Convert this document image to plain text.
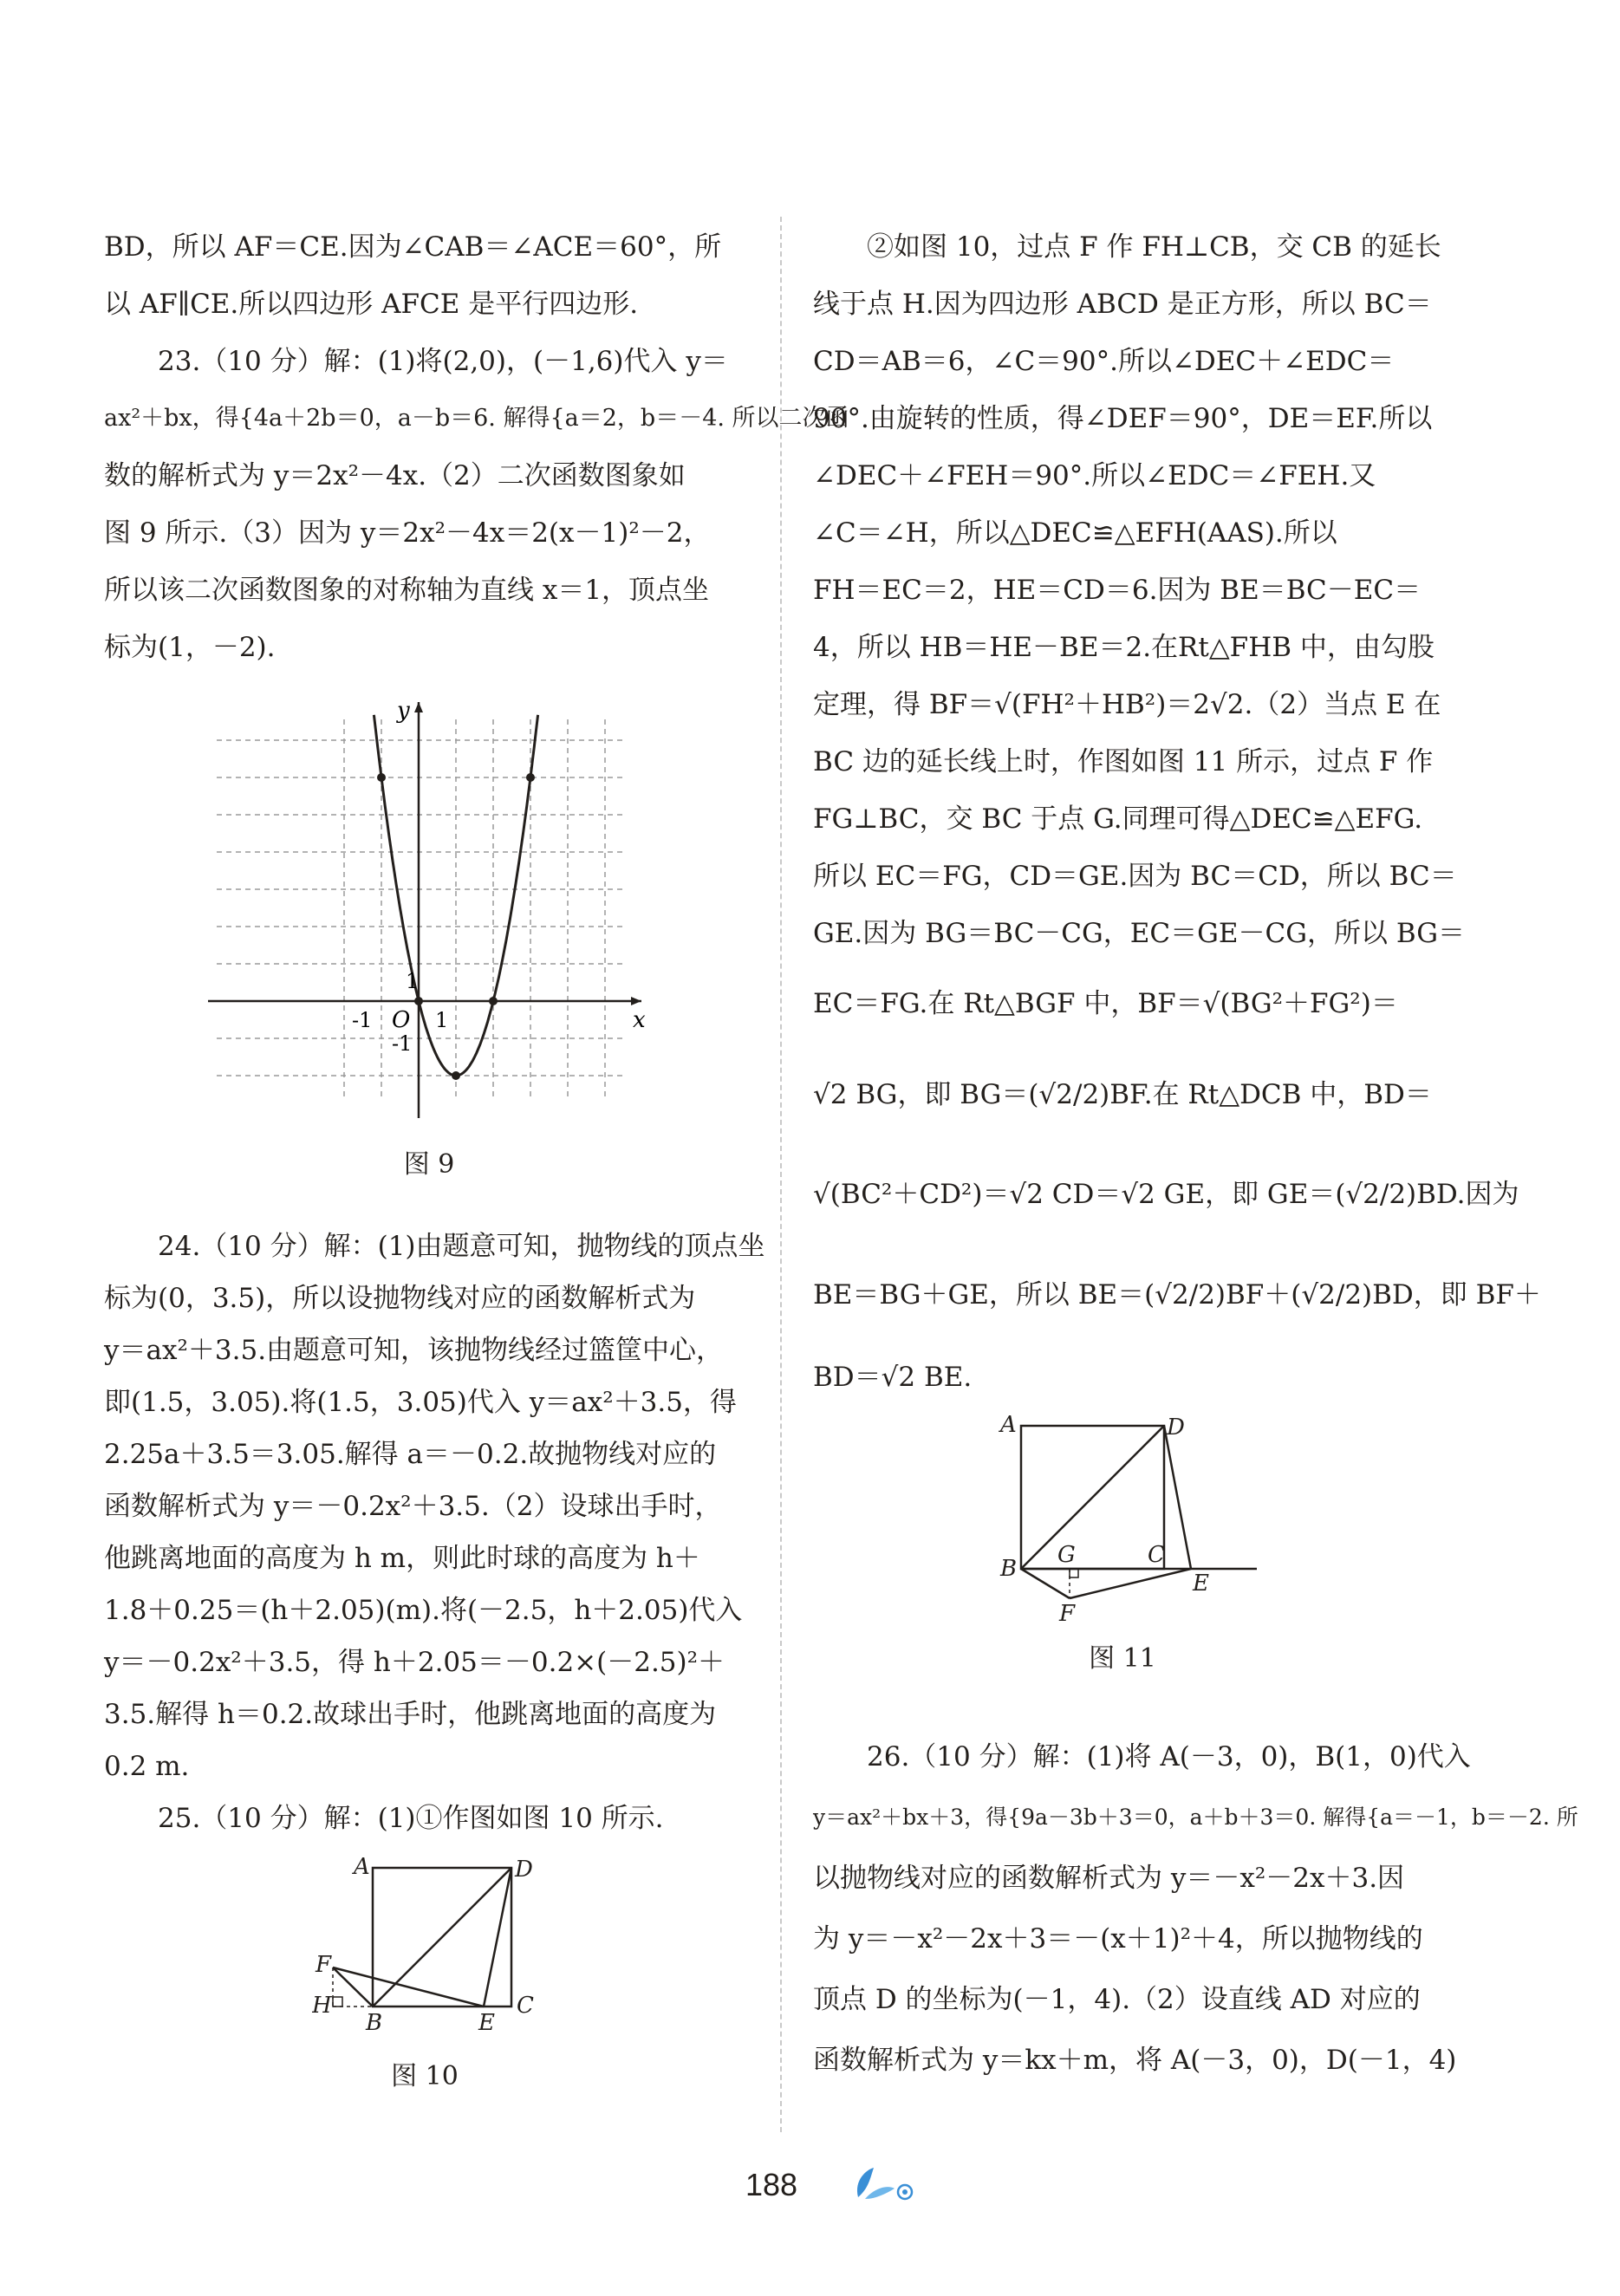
BD，所以 AF＝CE.因为∠CAB＝∠ACE＝60°，所
以 AF∥CE.所以四边形 AFCE 是平行四边形.
23.（10 分）解：(1)将(2,0)，(－1,6)代入 y＝
ax²＋bx，得{4a＋2b＝0，a－b＝6. 解得{a＝2，b＝－4. 所以二次函
数的解析式为 y＝2x²－4x.（2）二次函数图象如
图 9 所示.（3）因为 y＝2x²－4x＝2(x－1)²－2，
所以该二次函数图象的对称轴为直线 x＝1，顶点坐
标为(1，－2).
x
y
O
1
1
-1
-1
图 9
24.（10 分）解：(1)由题意可知，抛物线的顶点坐
标为(0，3.5)，所以设抛物线对应的函数解析式为
y＝ax²＋3.5.由题意可知，该抛物线经过篮筐中心，
即(1.5，3.05).将(1.5，3.05)代入 y＝ax²＋3.5，得
2.25a＋3.5＝3.05.解得 a＝－0.2.故抛物线对应的
函数解析式为 y＝－0.2x²＋3.5.（2）设球出手时，
他跳离地面的高度为 h m，则此时球的高度为 h＋
1.8＋0.25＝(h＋2.05)(m).将(－2.5，h＋2.05)代入
y＝－0.2x²＋3.5，得 h＋2.05＝－0.2×(－2.5)²＋
3.5.解得 h＝0.2.故球出手时，他跳离地面的高度为
0.2 m.
25.（10 分）解：(1)①作图如图 10 所示.
A	D
F
H
B	E
C
图 10
②如图 10，过点 F 作 FH⊥CB，交 CB 的延长
线于点 H.因为四边形 ABCD 是正方形，所以 BC＝
CD＝AB＝6，∠C＝90°.所以∠DEC＋∠EDC＝
90°.由旋转的性质，得∠DEF＝90°，DE＝EF.所以
∠DEC＋∠FEH＝90°.所以∠EDC＝∠FEH.又
∠C＝∠H，所以△DEC≌△EFH(AAS).所以
FH＝EC＝2，HE＝CD＝6.因为 BE＝BC－EC＝
4，所以 HB＝HE－BE＝2.在Rt△FHB 中，由勾股
定理，得 BF＝√(FH²＋HB²)＝2√2.（2）当点 E 在
BC 边的延长线上时，作图如图 11 所示，过点 F 作
FG⊥BC，交 BC 于点 G.同理可得△DEC≌△EFG.
所以 EC＝FG，CD＝GE.因为 BC＝CD，所以 BC＝
GE.因为 BG＝BC－CG，EC＝GE－CG，所以 BG＝
EC＝FG.在 Rt△BGF 中，BF＝√(BG²＋FG²)＝
√2 BG，即 BG＝(√2/2)BF.在 Rt△DCB 中，BD＝
√(BC²＋CD²)＝√2 CD＝√2 GE，即 GE＝(√2/2)BD.因为
BE＝BG＋GE，所以 BE＝(√2/2)BF＋(√2/2)BD，即 BF＋
BD＝√2 BE.
A	D
B
G	C
E
F
图 11
26.（10 分）解：(1)将 A(－3，0)，B(1，0)代入
y＝ax²＋bx＋3，得{9a－3b＋3＝0，a＋b＋3＝0. 解得{a＝－1，b＝－2. 所
以抛物线对应的函数解析式为 y＝－x²－2x＋3.因
为 y＝－x²－2x＋3＝－(x＋1)²＋4，所以抛物线的
顶点 D 的坐标为(－1，4).（2）设直线 AD 对应的
函数解析式为 y＝kx＋m，将 A(－3，0)，D(－1，4)
188
